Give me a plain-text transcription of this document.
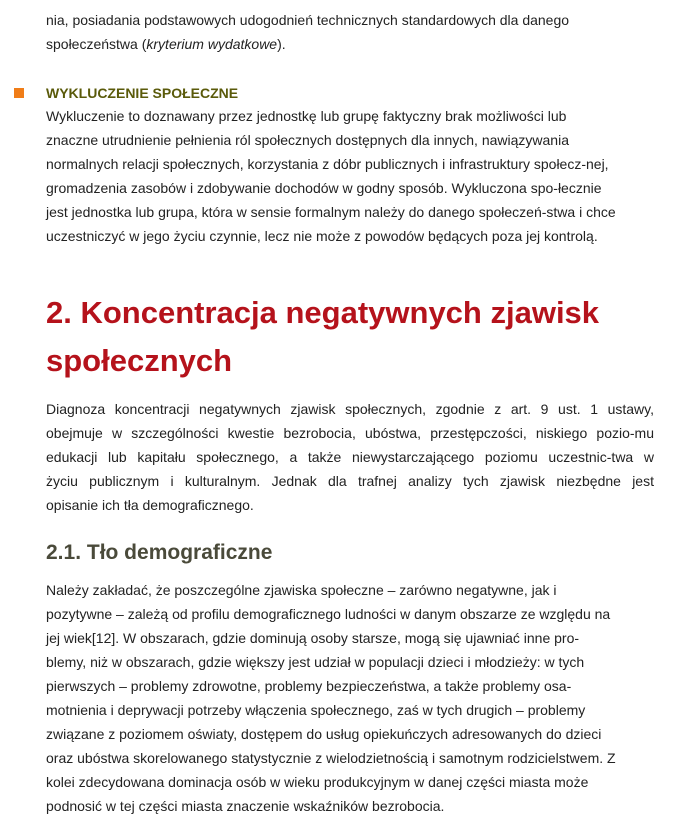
nia, posiadania podstawowych udogodnień technicznych standardowych dla danego
społeczeństwa (kryterium wydatkowe).

WYKLUCZENIE SPOŁECZNE

Wykluczenie to doznawany przez jednostkę lub grupę faktyczny brak możliwości lub
znaczne utrudnienie pełnienia ról społecznych dostępnych dla innych, nawiązywania
normalnych relacji społecznych, korzystania z dóbr publicznych i infrastruktury społecz-nej,
gromadzenia zasobów i zdobywanie dochodów w godny sposób. Wykluczona spo-łecznie
jest jednostka lub grupa, która w sensie formalnym należy do danego społeczeń-stwa i chce
uczestniczyć w jego życiu czynnie, lecz nie może z powodów będących poza jej kontrolą.

2. Koncentracja negatywnych zjawisk
społecznych

Diagnoza koncentracji negatywnych zjawisk społecznych, zgodnie z art. 9 ust. 1 ustawy,
obejmuje w szczególności kwestie bezrobocia, ubóstwa, przestępczości, niskiego pozio-mu
edukacji lub kapitału społecznego, a także niewystarczającego poziomu uczestnic-twa w
życiu publicznym i kulturalnym. Jednak dla trafnej analizy tych zjawisk niezbędne jest
opisanie ich tła demograficznego.

2.1. Tło demograficzne

Należy zakładać, że poszczególne zjawiska społeczne – zarówno negatywne, jak i
pozytywne – zależą od profilu demograficznego ludności w danym obszarze ze względu na
jej wiek[12]. W obszarach, gdzie dominują osoby starsze, mogą się ujawniać inne pro-
blemy, niż w obszarach, gdzie większy jest udział w populacji dzieci i młodzieży: w tych
pierwszych – problemy zdrowotne, problemy bezpieczeństwa, a także problemy osa-
motnienia i deprywacji potrzeby włączenia społecznego, zaś w tych drugich – problemy
związane z poziomem oświaty, dostępem do usług opiekuńczych adresowanych do dzieci
oraz ubóstwa skorelowanego statystycznie z wielodzietnością i samotnym rodzicielstwem. Z
kolei zdecydowana dominacja osób w wieku produkcyjnym w danej części miasta może
podnosić w tej części miasta znaczenie wskaźników bezrobocia.
